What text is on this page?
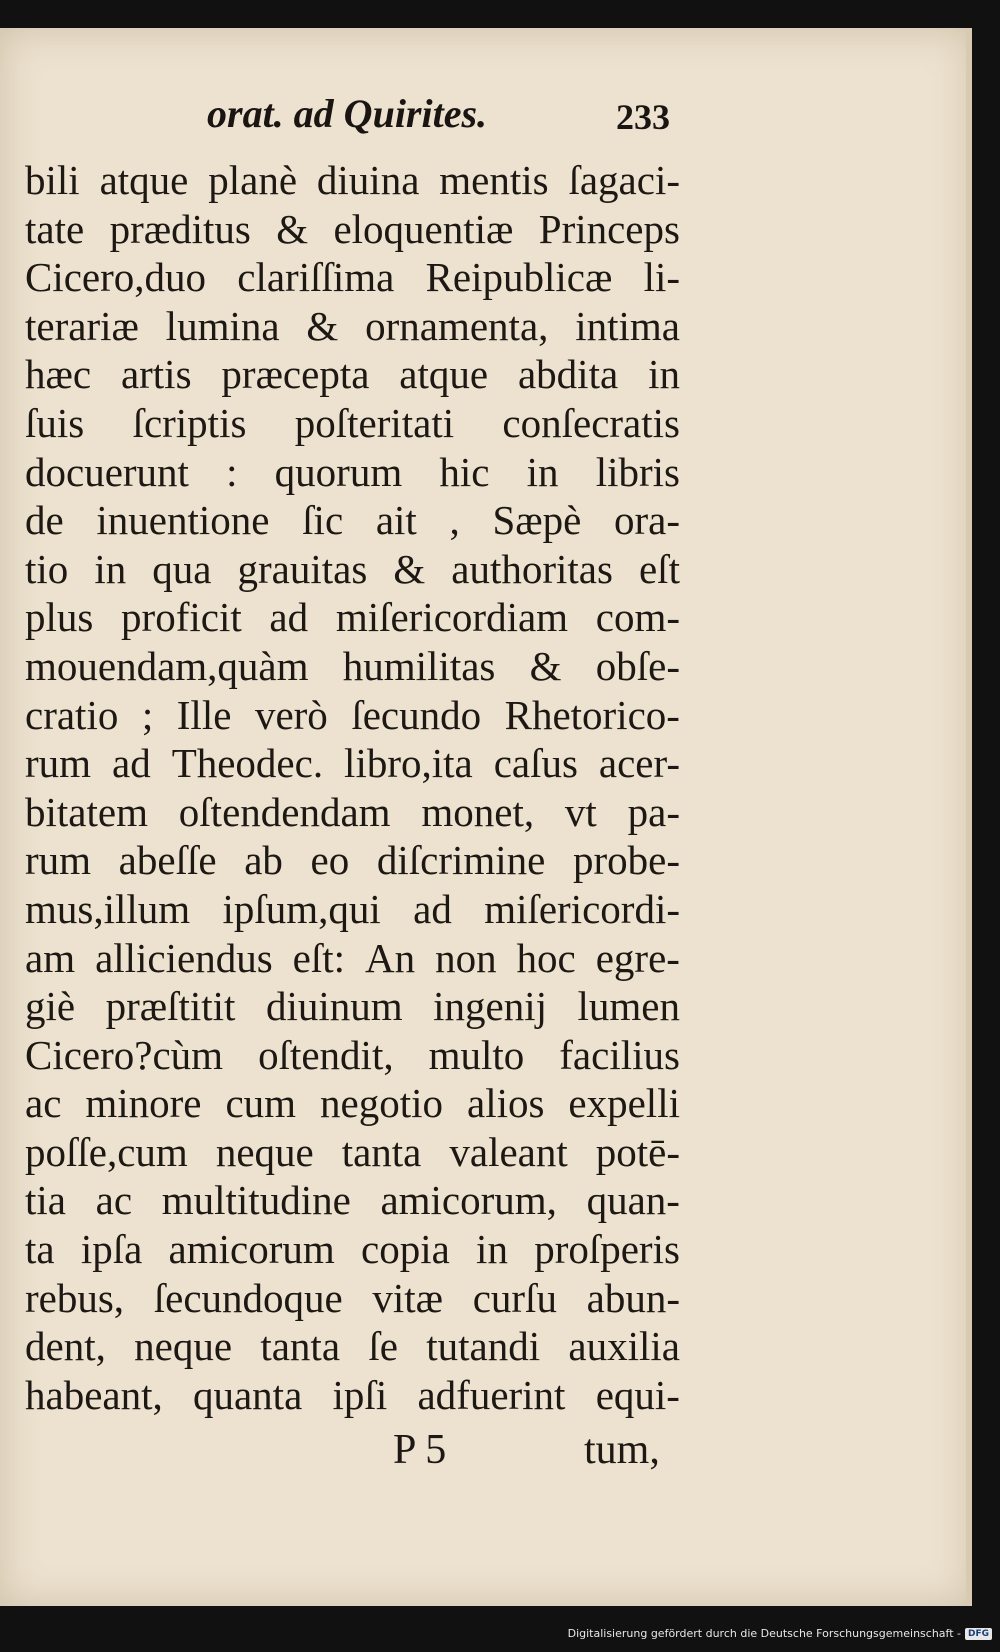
orat. ad Quirites.	233
bili atque planè diuina mentis ſagaci-
tate præditus & eloquentiæ Princeps
Cicero,duo clariſſima Reipublicæ li-
terariæ lumina & ornamenta, intima
hæc artis præcepta atque abdita in
ſuis ſcriptis poſteritati conſecratis
docuerunt : quorum hic in libris
de inuentione ſic ait , Sæpè ora-
tio in qua grauitas & authoritas eſt
plus proficit ad miſericordiam com-
mouendam,quàm humilitas & obſe-
cratio ; Ille verò ſecundo Rhetorico-
rum ad Theodec. libro,ita caſus acer-
bitatem oſtendendam monet, vt pa-
rum abeſſe ab eo diſcrimine probe-
mus,illum ipſum,qui ad miſericordi-
am alliciendus eſt: An non hoc egre-
giè præſtitit diuinum ingenij lumen
Cicero?cùm oſtendit, multo facilius
ac minore cum negotio alios expelli
poſſe,cum neque tanta valeant potē-
tia ac multitudine amicorum, quan-
ta ipſa amicorum copia in proſperis
rebus, ſecundoque vitæ curſu abun-
dent, neque tanta ſe tutandi auxilia
habeant, quanta ipſi adfuerint equi-
P 5	tum,
Digitalisierung gefördert durch die Deutsche Forschungsgemeinschaft - DFG
